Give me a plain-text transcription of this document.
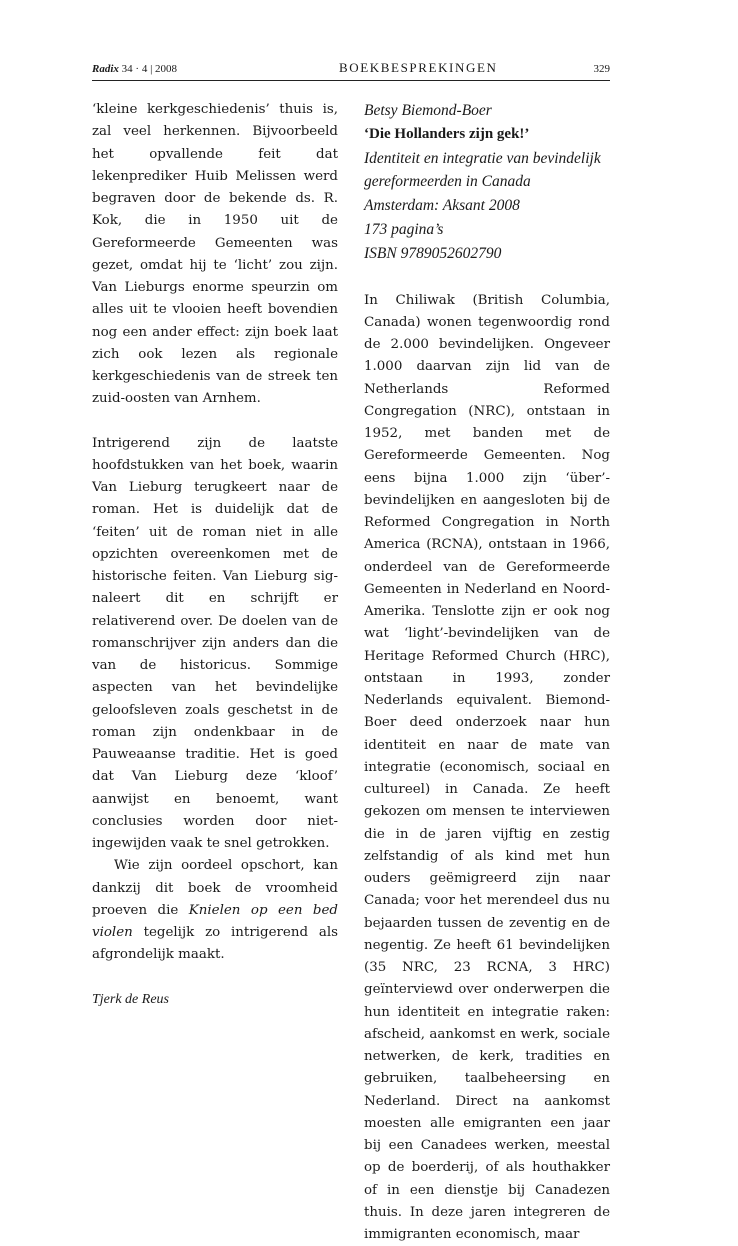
Radix 34 · 4 | 2008	BOEKBESPREKINGEN	329

‘kleine kerkgeschiedenis’ thuis is, zal veel herkennen. Bijvoorbeeld het opvallende feit dat lekenprediker Huib Melissen werd begraven door de bekende ds. R. Kok, die in 1950 uit de Gereformeerde Gemeenten was gezet, omdat hij te ‘licht’ zou zijn. Van Lieburgs enorme speurzin om alles uit te vlooien heeft bovendien nog een ander effect: zijn boek laat zich ook lezen als regionale kerkgeschiedenis van de streek ten zuid-oosten van Arnhem.

Intrigerend zijn de laatste hoofdstukken van het boek, waarin Van Lieburg terugkeert naar de roman. Het is duidelijk dat de ‘feiten’ uit de roman niet in alle opzichten overeenkomen met de historische feiten. Van Lieburg signaleert dit en schrijft er relativerend over. De doelen van de romanschrijver zijn anders dan die van de historicus. Sommige aspecten van het bevindelijke geloofsleven zoals geschetst in de roman zijn ondenkbaar in de Pauweaanse traditie. Het is goed dat Van Lieburg deze ‘kloof’ aanwijst en benoemt, want conclusies worden door nietingewijden vaak te snel getrokken.

Wie zijn oordeel opschort, kan dankzij dit boek de vroomheid proeven die Knielen op een bed violen tegelijk zo intrigerend als afgrondelijk maakt.

Tjerk de Reus

Betsy Biemond-Boer
‘Die Hollanders zijn gek!’
Identiteit en integratie van bevindelijk
gereformeerden in Canada
Amsterdam: Aksant 2008
173 pagina’s
ISBN 9789052602790

In Chiliwak (British Columbia, Canada) wonen tegenwoordig rond de 2.000 bevindelijken. Ongeveer 1.000 daarvan zijn lid van de Netherlands Reformed Congregation (NRC), ontstaan in 1952, met banden met de Gereformeerde Gemeenten. Nog eens bijna 1.000 zijn ‘über’-bevindelijken en aangesloten bij de Reformed Congregation in North America (RCNA), ontstaan in 1966, onderdeel van de Gereformeerde Gemeenten in Nederland en Noord-Amerika. Tenslotte zijn er ook nog wat ‘light’-bevindelijken van de Heritage Reformed Church (HRC), ontstaan in 1993, zonder Nederlands equivalent. Biemond-Boer deed onderzoek naar hun identiteit en naar de mate van integratie (economisch, sociaal en cultureel) in Canada. Ze heeft gekozen om mensen te interviewen die in de jaren vijftig en zestig zelfstandig of als kind met hun ouders geëmigreerd zijn naar Canada; voor het merendeel dus nu bejaarden tussen de zeventig en de negentig. Ze heeft 61 bevindelijken (35 NRC, 23 RCNA, 3 HRC) geïnterviewd over onderwerpen die hun identiteit en integratie raken: afscheid, aankomst en werk, sociale netwerken, de kerk, tradities en gebruiken, taalbeheersing en Nederland. Direct na aankomst moesten alle emigranten een jaar bij een Canadees werken, meestal op de boerderij, of als houthakker of in een dienstje bij Canadezen thuis. In deze jaren integreren de immigranten economisch, maar
